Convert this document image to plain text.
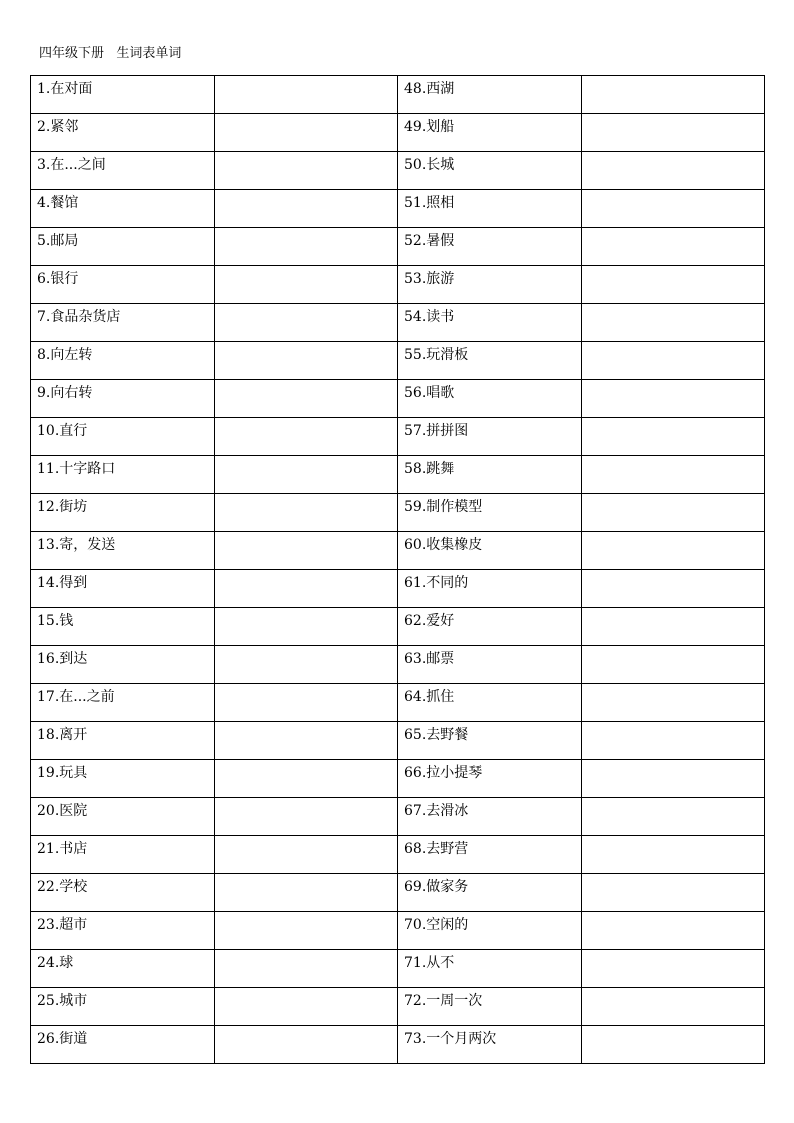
四年级下册   生词表单词
1.在对面		48.西湖	
2.紧邻		49.划船	
3.在...之间		50.长城	
4.餐馆		51.照相	
5.邮局		52.暑假	
6.银行		53.旅游	
7.食品杂货店		54.读书	
8.向左转		55.玩滑板	
9.向右转		56.唱歌	
10.直行		57.拼拼图	
11.十字路口		58.跳舞	
12.街坊		59.制作模型	
13.寄，发送		60.收集橡皮	
14.得到		61.不同的	
15.钱		62.爱好	
16.到达		63.邮票	
17.在...之前		64.抓住	
18.离开		65.去野餐	
19.玩具		66.拉小提琴	
20.医院		67.去滑冰	
21.书店		68.去野营	
22.学校		69.做家务	
23.超市		70.空闲的	
24.球		71.从不	
25.城市		72.一周一次	
26.街道		73.一个月两次	
